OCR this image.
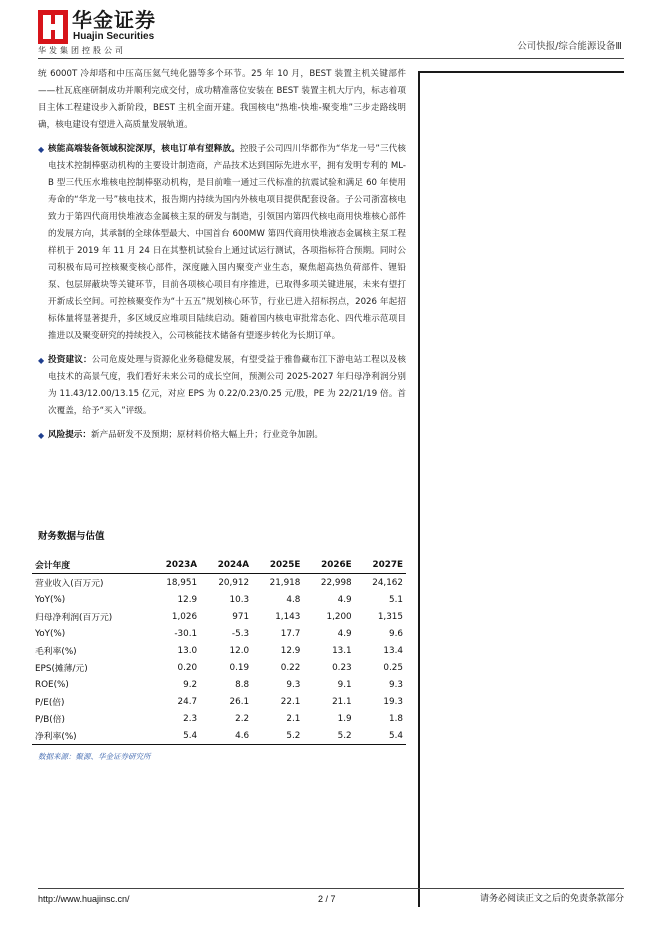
华金证券
Huajin Securities
华发集团控股公司	公司快报/综合能源设备Ⅲ

统 6000T 冷却塔和中压高压氦气纯化器等多个环节。25 年 10 月，BEST 装置主机关键部件——杜瓦底座研制成功并顺利完成交付，成功精准落位安装在 BEST 装置主机大厅内，标志着项目主体工程建设步入新阶段，BEST 主机全面开建。我国核电“热堆-快堆-聚变堆”三步走路线明确，核电建设有望进入高质量发展轨道。

◆ 核能高端装备领域积淀深厚，核电订单有望释放。控股子公司四川华都作为“华龙一号”三代核电技术控制棒驱动机构的主要设计制造商，产品技术达到国际先进水平，拥有发明专利的 ML-B 型三代压水堆核电控制棒驱动机构，是目前唯一通过三代标准的抗震试验和满足 60 年使用寿命的“华龙一号”核电技术，报告期内持续为国内外核电项目提供配套设备。子公司浙富核电致力于第四代商用快堆液态金属核主泵的研发与制造，引领国内第四代核电商用快堆核心部件的发展方向，其承制的全球体型最大、中国首台 600MW 第四代商用快堆液态金属核主泵工程样机于 2019 年 11 月 24 日在其整机试验台上通过试运行测试，各项指标符合预期。同时公司积极布局可控核聚变核心部件，深度融入国内聚变产业生态，聚焦超高热负荷部件、锂铅泵、包层屏蔽块等关键环节，目前各项核心项目有序推进，已取得多项关键进展，未来有望打开新成长空间。可控核聚变作为“十五五”规划核心环节，行业已进入招标拐点，2026 年起招标体量将显著提升，多区域反应堆项目陆续启动。随着国内核电审批常态化、四代堆示范项目推进以及聚变研究的持续投入，公司核能技术储备有望逐步转化为长期订单。
◆ 投资建议：公司危废处理与资源化业务稳健发展，有望受益于雅鲁藏布江下游电站工程以及核电技术的高景气度，我们看好未来公司的成长空间，预测公司 2025-2027 年归母净利润分别为 11.43/12.00/13.15 亿元，对应 EPS 为 0.22/0.23/0.25 元/股，PE 为 22/21/19 倍。首次覆盖，给予“买入”评级。
◆ 风险提示：新产品研发不及预期；原材料价格大幅上升；行业竞争加剧。
财务数据与估值
会计年度	2023A	2024A	2025E	2026E	2027E
营业收入(百万元)	18,951	20,912	21,918	22,998	24,162
YoY(%)	12.9	10.3	4.8	4.9	5.1
归母净利润(百万元)	1,026	971	1,143	1,200	1,315
YoY(%)	-30.1	-5.3	17.7	4.9	9.6
毛利率(%)	13.0	12.0	12.9	13.1	13.4
EPS(摊薄/元)	0.20	0.19	0.22	0.23	0.25
ROE(%)	9.2	8.8	9.3	9.1	9.3
P/E(倍)	24.7	26.1	22.1	21.1	19.3
P/B(倍)	2.3	2.2	2.1	1.9	1.8
净利率(%)	5.4	4.6	5.2	5.2	5.4
数据来源：聚源、华金证券研究所
http://www.huajinsc.cn/	2 / 7	请务必阅读正文之后的免责条款部分
